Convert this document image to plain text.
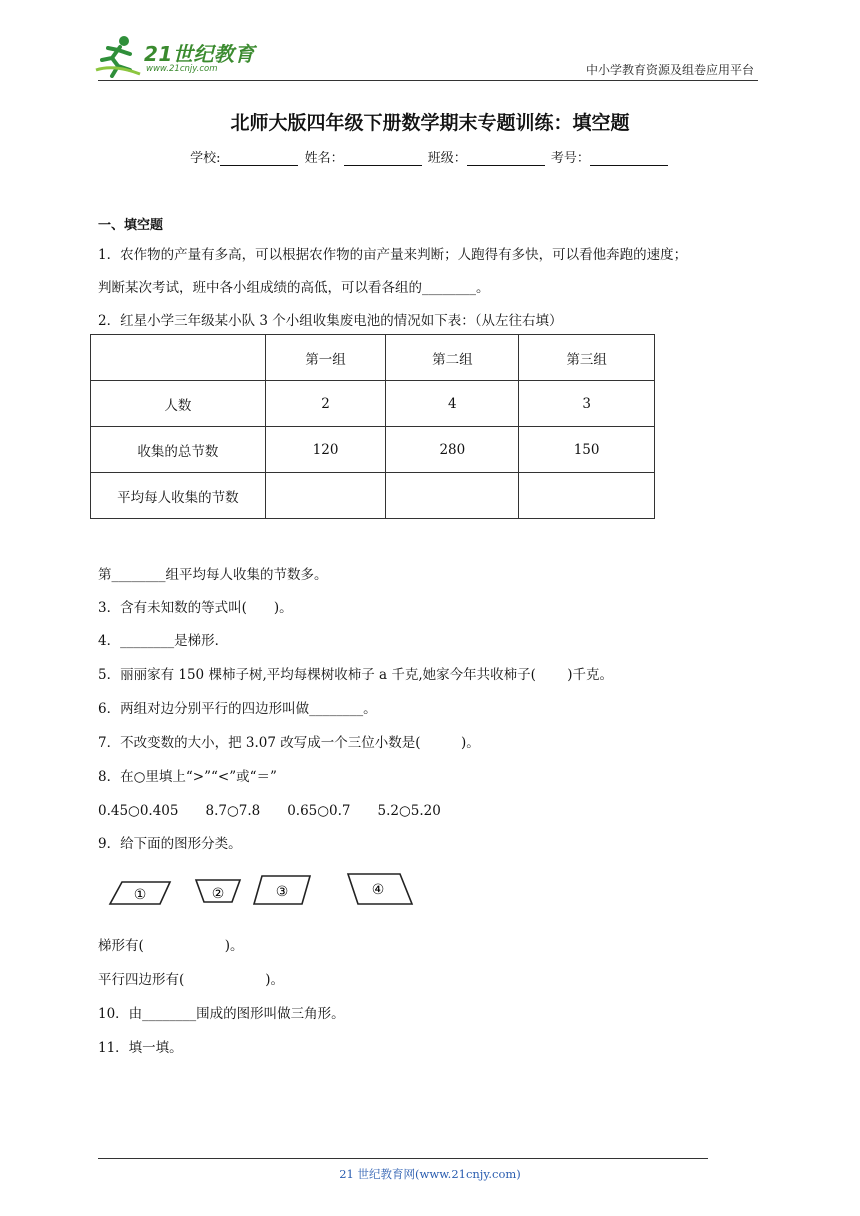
21世纪教育
www.21cnjy.com	中小学教育资源及组卷应用平台
北师大版四年级下册数学期末专题训练：填空题
学校:	姓名：	班级：	考号：
一、填空题
1．农作物的产量有多高，可以根据农作物的亩产量来判断；人跑得有多快，可以看他奔跑的速度；
判断某次考试，班中各小组成绩的高低，可以看各组的________。
2．红星小学三年级某小队 3 个小组收集废电池的情况如下表：（从左往右填）
	第一组	第二组	第三组
人数	2	4	3
收集的总节数	120	280	150
平均每人收集的节数			
第________组平均每人收集的节数多。
3．含有未知数的等式叫(　　)。
4．________是梯形．
5．丽丽家有 150 棵柿子树,平均每棵树收柿子 a 千克,她家今年共收柿子(　　 )千克。
6．两组对边分别平行的四边形叫做________。
7．不改变数的大小，把 3.07 改写成一个三位小数是(　　　)。
8．在○里填上“>”“<”或“＝”
0.45○0.405　　8.7○7.8　　0.65○0.7　　5.2○5.20
9．给下面的图形分类。
①	②	③	④
梯形有(　　　　　　)。
平行四边形有(　　　　　　)。
10．由________围成的图形叫做三角形。
11．填一填。
21 世纪教育网(www.21cnjy.com)
